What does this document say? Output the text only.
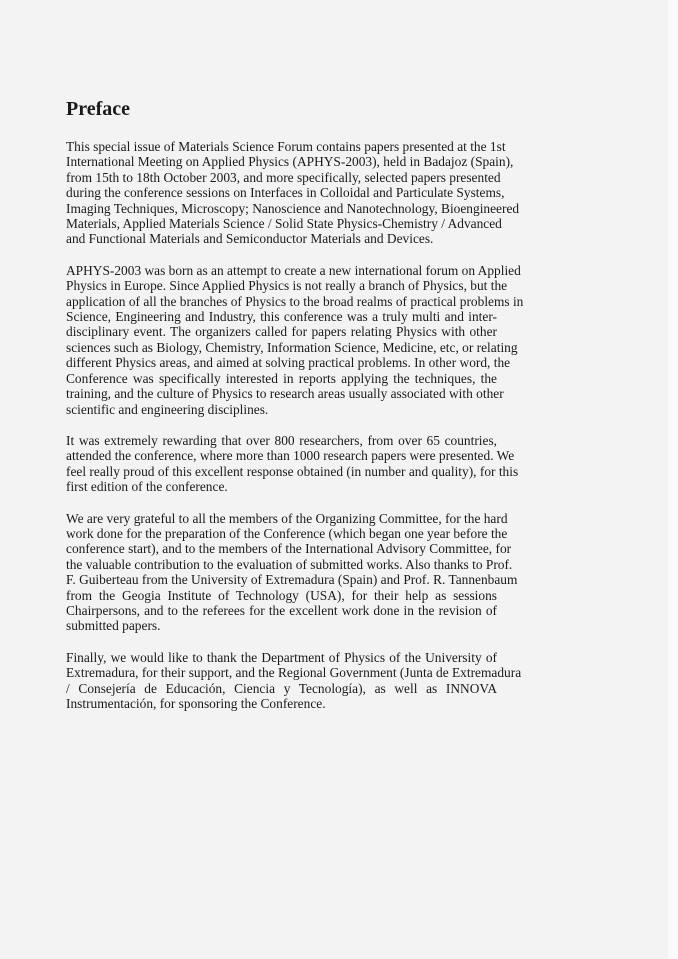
Preface
This special issue of Materials Science Forum contains papers presented at the 1st
International Meeting on Applied Physics (APHYS-2003), held in Badajoz (Spain),
from 15th to 18th October 2003, and more specifically, selected papers presented
during the conference sessions on Interfaces in Colloidal and Particulate Systems,
Imaging Techniques, Microscopy; Nanoscience and Nanotechnology, Bioengineered
Materials, Applied Materials Science / Solid State Physics-Chemistry / Advanced
and Functional Materials and Semiconductor Materials and Devices.
APHYS-2003 was born as an attempt to create a new international forum on Applied
Physics in Europe. Since Applied Physics is not really a branch of Physics, but the
application of all the branches of Physics to the broad realms of practical problems in
Science, Engineering and Industry, this conference was a truly multi and inter-
disciplinary event. The organizers called for papers relating Physics with other
sciences such as Biology, Chemistry, Information Science, Medicine, etc, or relating
different Physics areas, and aimed at solving practical problems. In other word, the
Conference was specifically interested in reports applying the techniques, the
training, and the culture of Physics to research areas usually associated with other
scientific and engineering disciplines.
It was extremely rewarding that over 800 researchers, from over 65 countries,
attended the conference, where more than 1000 research papers were presented. We
feel really proud of this excellent response obtained (in number and quality), for this
first edition of the conference.
We are very grateful to all the members of the Organizing Committee, for the hard
work done for the preparation of the Conference (which began one year before the
conference start), and to the members of the International Advisory Committee, for
the valuable contribution to the evaluation of submitted works. Also thanks to Prof.
F. Guiberteau from the University of Extremadura (Spain) and Prof. R. Tannenbaum
from the Geogia Institute of Technology (USA), for their help as sessions
Chairpersons, and to the referees for the excellent work done in the revision of
submitted papers.
Finally, we would like to thank the Department of Physics of the University of
Extremadura, for their support, and the Regional Government (Junta de Extremadura
/ Consejería de Educación, Ciencia y Tecnología), as well as INNOVA
Instrumentación, for sponsoring the Conference.
